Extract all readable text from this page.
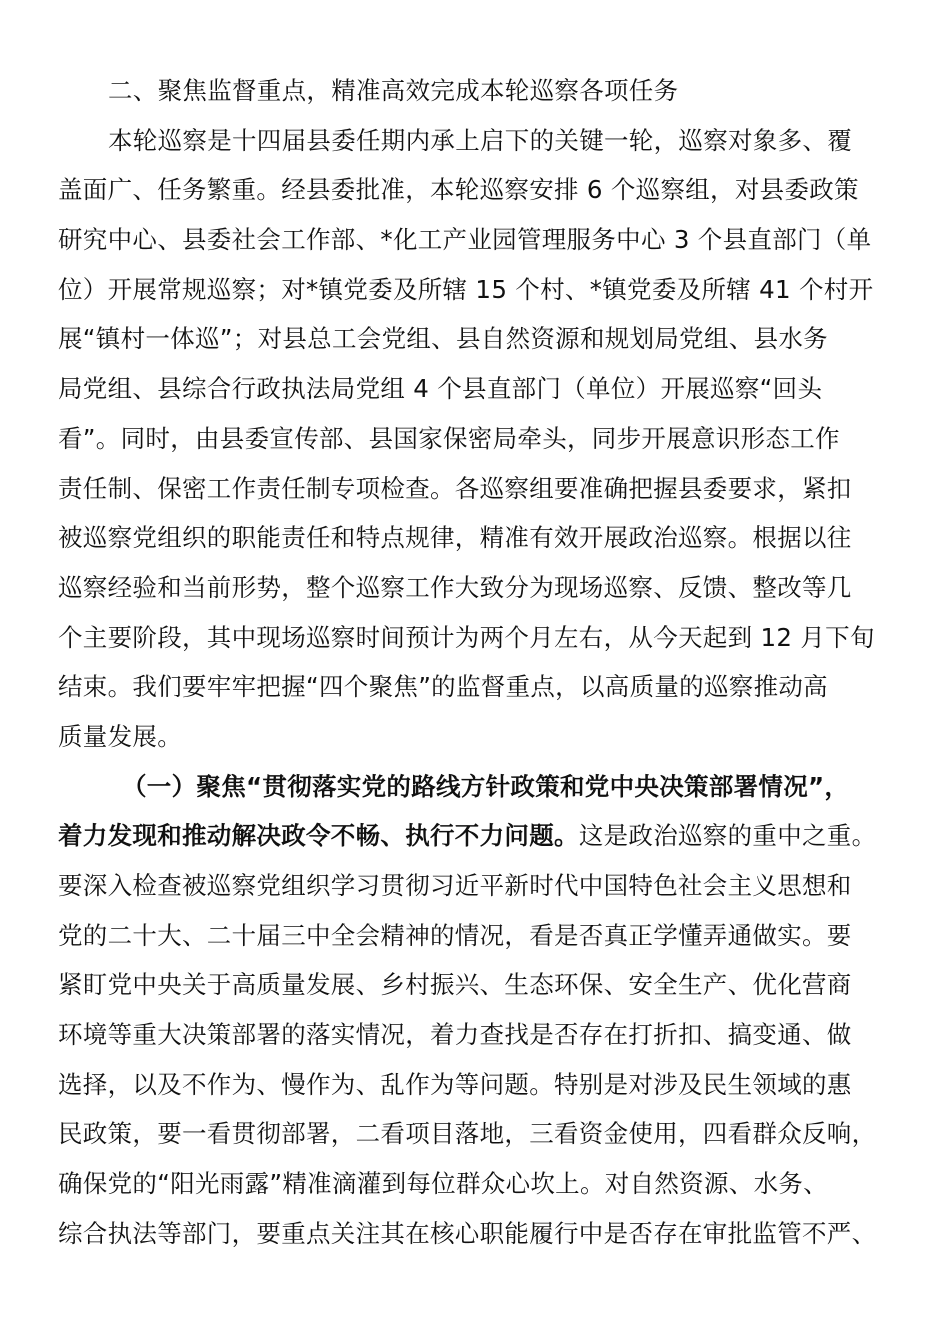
二、聚焦监督重点，精准高效完成本轮巡察各项任务
本轮巡察是十四届县委任期内承上启下的关键一轮，巡察对象多、覆
盖面广、任务繁重。经县委批准，本轮巡察安排 6 个巡察组，对县委政策
研究中心、县委社会工作部、*化工产业园管理服务中心 3 个县直部门（单
位）开展常规巡察；对*镇党委及所辖 15 个村、*镇党委及所辖 41 个村开
展“镇村一体巡”；对县总工会党组、县自然资源和规划局党组、县水务
局党组、县综合行政执法局党组 4 个县直部门（单位）开展巡察“回头
看”。同时，由县委宣传部、县国家保密局牵头，同步开展意识形态工作
责任制、保密工作责任制专项检查。各巡察组要准确把握县委要求，紧扣
被巡察党组织的职能责任和特点规律，精准有效开展政治巡察。根据以往
巡察经验和当前形势，整个巡察工作大致分为现场巡察、反馈、整改等几
个主要阶段，其中现场巡察时间预计为两个月左右，从今天起到 12 月下旬
结束。我们要牢牢把握“四个聚焦”的监督重点，以高质量的巡察推动高
质量发展。
（一）聚焦“贯彻落实党的路线方针政策和党中央决策部署情况”，
着力发现和推动解决政令不畅、执行不力问题。这是政治巡察的重中之重。
要深入检查被巡察党组织学习贯彻习近平新时代中国特色社会主义思想和
党的二十大、二十届三中全会精神的情况，看是否真正学懂弄通做实。要
紧盯党中央关于高质量发展、乡村振兴、生态环保、安全生产、优化营商
环境等重大决策部署的落实情况，着力查找是否存在打折扣、搞变通、做
选择，以及不作为、慢作为、乱作为等问题。特别是对涉及民生领域的惠
民政策，要一看贯彻部署，二看项目落地，三看资金使用，四看群众反响，
确保党的“阳光雨露”精准滴灌到每位群众心坎上。对自然资源、水务、
综合执法等部门，要重点关注其在核心职能履行中是否存在审批监管不严、
